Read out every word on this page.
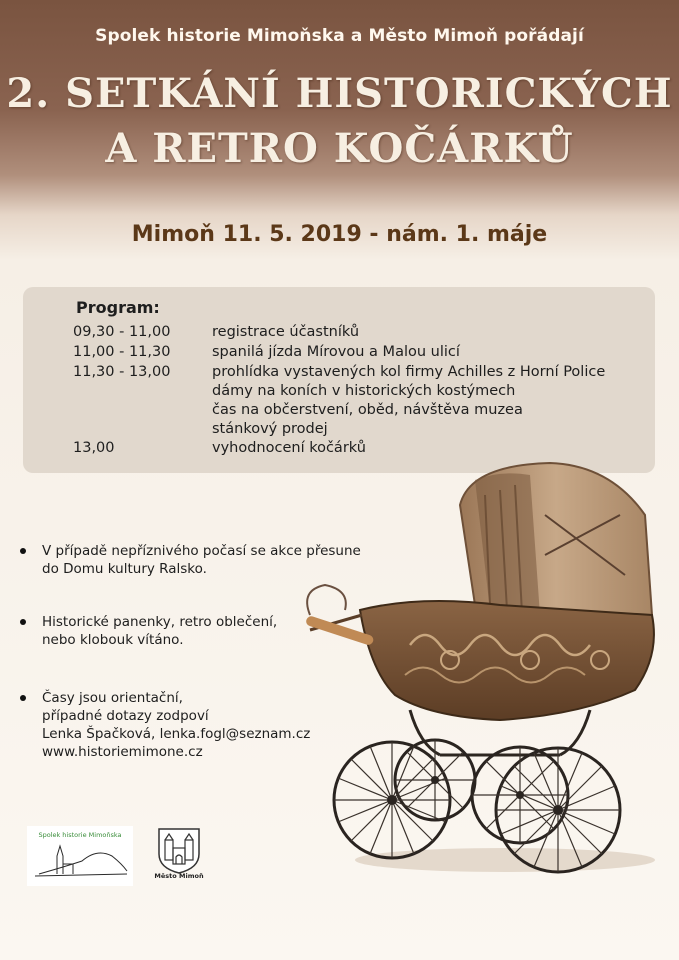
Spolek historie Mimoňska a Město Mimoň pořádají
2. SETKÁNÍ HISTORICKÝCH
A RETRO KOČÁRKŮ
Mimoň 11. 5. 2019 - nám. 1. máje
Program:
09,30 - 11,00	registrace účastníků
11,00 - 11,30	spanilá jízda Mírovou a Malou ulicí
11,30 - 13,00	prohlídka vystavených kol firmy Achilles z Horní Police
dámy na koních v historických kostýmech
čas na občerstvení, oběd, návštěva muzea
stánkový prodej
13,00	vyhodnocení kočárků
V případě nepříznivého počasí se akce přesune
do Domu kultury Ralsko.
Historické panenky, retro oblečení,
nebo klobouk vítáno.
Časy jsou orientační,
případné dotazy zodpoví
Lenka Špačková, lenka.fogl@seznam.cz
www.historiemimone.cz
Spolek historie Mimoňska
Město Mimoň
